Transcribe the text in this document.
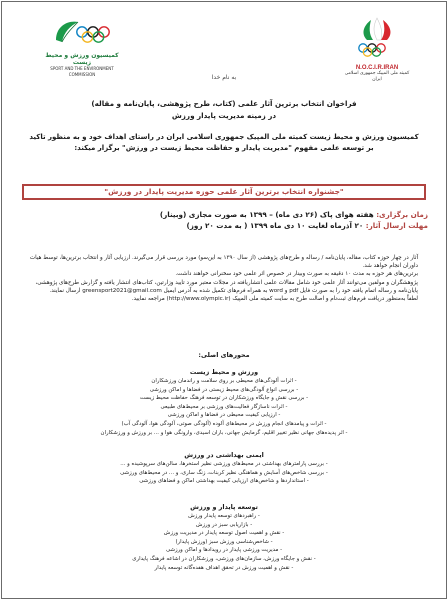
N.O.C.I.R.IRAN
کمیته ملی المپیک جمهوری اسلامی ایران
کمیسیون ورزش و محیط زیست
SPORT AND THE ENVIRONMENT COMMISSION	به نام خدا
فراخوان انتخاب برترین آثار علمی (کتاب، طرح پژوهشی، پایان‌نامه و مقاله)
در زمینه مدیریت پایدار ورزش
کمیسیون ورزش و محیط زیست کمیته ملی المپیک جمهوری اسلامی ایران در راستای اهداف خود و به منظور تاکید
بر توسعه علمی مفهوم "مدیریت پایدار و حفاظت محیط زیست در ورزش" برگزار میکند:
"جشنواره انتخاب برترین آثار علمی حوزه مدیریت پایدار در ورزش"
زمان برگزاری: هفته هوای پاک (۲۶ دی ماه) – ۱۳۹۹ به صورت مجازی (وبینار)
مهلت ارسال آثار: ۲۰ آذرماه لغایت ۱۰ دی ماه ۱۳۹۹ ( به مدت ۲۰ روز)

آثار در چهار حوزه کتاب، مقاله، پایان‌نامه / رساله و طرح‌های پژوهشی (از سال ۱۳۹۰ به این‌سو) مورد بررسی قرار می‌گیرند. ارزیابی آثار و انتخاب برترین‌ها، توسط هیات داوران انجام خواهد شد.

برترین‌های هر حوزه به مدت ۱۰ دقیقه به صورت وبینار در خصوص اثر علمی خود سخنرانی خواهند داشت.

پژوهشگران و مولفین می‌توانند آثار علمی خود شامل مقالات علمی انتشاریافته در مجلات معتبر مورد تایید وزارتین، کتاب‌های انتشار یافته و گزارش طرح‌های پژوهشی، پایان‌نامه و رساله اتمام یافته خود را به صورت فایل pdf و word به همراه فرم‌های تکمیل شده به آدرس ایمیل greensport2021@gmail.com ارسال نمایند.

لطفاً به‌منظور دریافت فرم‌های ثبت‌نام و اصالت طرح به سایت کمیته ملی المپیک (http://www.olympic.ir) مراجعه نمایید.

محورهای اصلی:
ورزش و محیط زیست
- اثرات آلودگی‌های محیطی بر روی سلامت و راندمان ورزشکاران
- بررسی انواع آلودگی‌های محیط زیستی در فضاها و اماکن ورزشی
- بررسی نقش و جایگاه ورزشکاران در توسعه فرهنگ حفاظت محیط زیست
- اثرات ناسازگار فعالیت‌های ورزشی بر محیط‌های طبیعی
- ارزیابی کیفیت محیطی در فضاها و اماکن ورزشی
- اثرات و پیامدهای انجام ورزش در محیط‌های آلوده (آلودگی صوتی، آلودگی هوا، آلودگی آب)
- اثر پدیده‌های جهانی نظیر تغییر اقلیم، گرمایش جهانی، باران اسیدی، وارونگی هوا و ... بر ورزش و ورزشکاران
ایمنی بهداشتی در ورزش
- بررسی پارامترهای بهداشتی در محیط‌های ورزشی نظیر استخرها، سالن‌های سرپوشیده و ...
- بررسی شاخص‌های آسایش و هماهنگی نظیر کربنات، زنگ ساری، و ... در محیط‌های ورزشی
- استانداردها و شاخص‌های ارزیابی کیفیت بهداشتی اماکن و فضاهای ورزشی
توسعه پایدار و ورزش
- راهبردهای توسعه پایدار ورزش
- بازاریابی سبز در ورزش
- نقش و اهمیت اصول توسعه پایدار در مدیریت ورزش
- شاخص‌شناسی ورزش سبز (ورزش پایدار)
- مدیریت ورزشی پایدار در رویدادها و اماکن ورزشی
- نقش و جایگاه ورزش، سازمان‌های ورزشی، ورزشکاران در اشاعه فرهنگ پایداری
- نقش و اهمیت ورزش در تحقق اهداف هفده‌گانه توسعه پایدار
